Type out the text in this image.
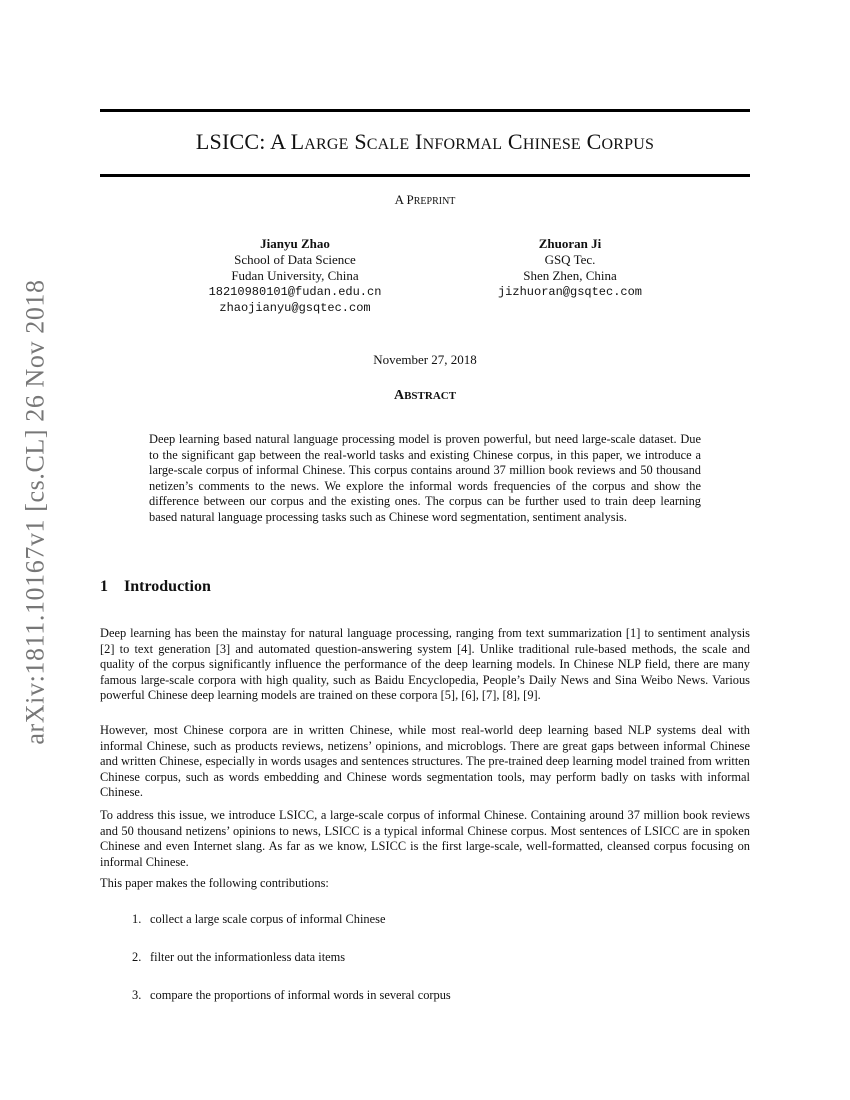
arXiv:1811.10167v1 [cs.CL] 26 Nov 2018
LSICC: A LARGE SCALE INFORMAL CHINESE CORPUS
A PREPRINT
Jianyu Zhao
School of Data Science
Fudan University, China
18210980101@fudan.edu.cn
zhaojianyu@gsqtec.com
Zhuoran Ji
GSQ Tec.
Shen Zhen, China
jizhuoran@gsqtec.com
November 27, 2018
ABSTRACT
Deep learning based natural language processing model is proven powerful, but need large-scale dataset. Due to the significant gap between the real-world tasks and existing Chinese corpus, in this paper, we introduce a large-scale corpus of informal Chinese. This corpus contains around 37 million book reviews and 50 thousand netizen’s comments to the news. We explore the informal words frequencies of the corpus and show the difference between our corpus and the existing ones. The corpus can be further used to train deep learning based natural language processing tasks such as Chinese word segmentation, sentiment analysis.
1 Introduction

Deep learning has been the mainstay for natural language processing, ranging from text summarization [1] to sentiment analysis [2] to text generation [3] and automated question-answering system [4]. Unlike traditional rule-based methods, the scale and quality of the corpus significantly influence the performance of the deep learning models. In Chinese NLP field, there are many famous large-scale corpora with high quality, such as Baidu Encyclopedia, People’s Daily News and Sina Weibo News. Various powerful Chinese deep learning models are trained on these corpora [5], [6], [7], [8], [9].

However, most Chinese corpora are in written Chinese, while most real-world deep learning based NLP systems deal with informal Chinese, such as products reviews, netizens’ opinions, and microblogs. There are great gaps between informal Chinese and written Chinese, especially in words usages and sentences structures. The pre-trained deep learning model trained from written Chinese corpus, such as words embedding and Chinese words segmentation tools, may perform badly on tasks with informal Chinese.

To address this issue, we introduce LSICC, a large-scale corpus of informal Chinese. Containing around 37 million book reviews and 50 thousand netizens’ opinions to news, LSICC is a typical informal Chinese corpus. Most sentences of LSICC are in spoken Chinese and even Internet slang. As far as we know, LSICC is the first large-scale, well-formatted, cleansed corpus focusing on informal Chinese.

This paper makes the following contributions:

1. collect a large scale corpus of informal Chinese
2. filter out the informationless data items
3. compare the proportions of informal words in several corpus
